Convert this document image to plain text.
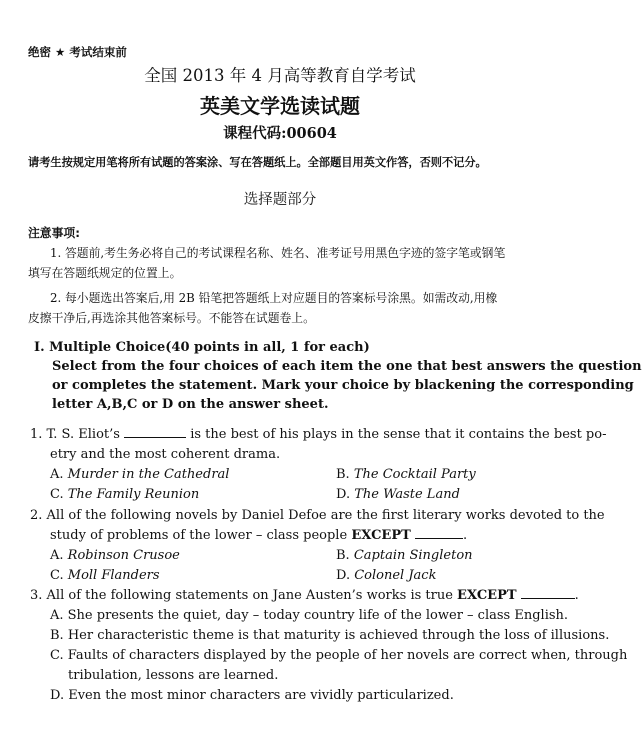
绝密 ★ 考试结束前
全国 2013 年 4 月高等教育自学考试
英美文学选读试题
课程代码:00604
请考生按规定用笔将所有试题的答案涂、写在答题纸上。全部题目用英文作答，否则不记分。
选择题部分
注意事项:
1. 答题前,考生务必将自己的考试课程名称、姓名、准考证号用黑色字迹的签字笔或钢笔
填写在答题纸规定的位置上。
2. 每小题选出答案后,用 2B 铅笔把答题纸上对应题目的答案标号涂黑。如需改动,用橡
皮擦干净后,再选涂其他答案标号。不能答在试题卷上。
Ⅰ. Multiple Choice(40 points in all, 1 for each)
Select from the four choices of each item the one that best answers the question
or completes the statement. Mark your choice by blackening the corresponding
letter A,B,C or D on the answer sheet.
1. T. S. Eliot’s	is the best of his plays in the sense that it contains the best po-
etry and the most coherent drama.
A. Murder in the Cathedral	B. The Cocktail Party
C. The Family Reunion	D. The Waste Land
2. All of the following novels by Daniel Defoe are the first literary works devoted to the
study of problems of the lower – class people EXCEPT	.
A. Robinson Crusoe	B. Captain Singleton
C. Moll Flanders	D. Colonel Jack
3. All of the following statements on Jane Austen’s works is true EXCEPT	.
A. She presents the quiet, day – today country life of the lower – class English.
B. Her characteristic theme is that maturity is achieved through the loss of illusions.
C. Faults of characters displayed by the people of her novels are correct when, through
tribulation, lessons are learned.
D. Even the most minor characters are vividly particularized.
